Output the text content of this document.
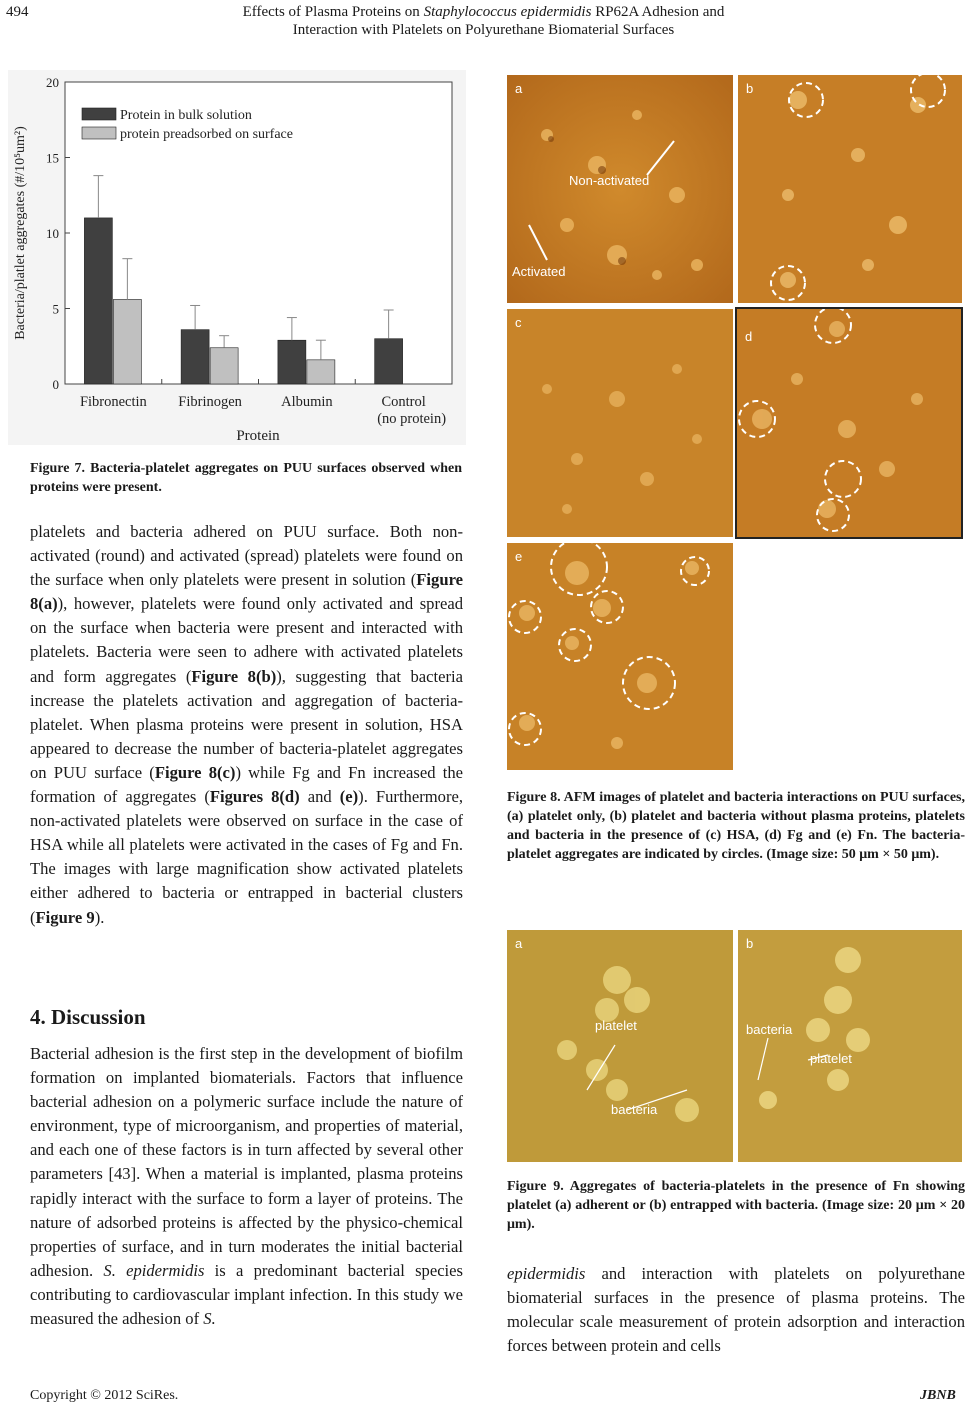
Effects of Plasma Proteins on Staphylococcus epidermidis RP62A Adhesion and
Interaction with Platelets on Polyurethane Biomaterial Surfaces
494
0
5
10
15
20
Fibronectin Fibrinogen	Albumin	Control
(no protein)
Protein in bulk solution
protein preadsorbed on surface
Bacteria/platlet aggregates (#/10⁵um²)
Protein
Figure 7. Bacteria-platelet aggregates on PUU surfaces observed when proteins were present.
platelets and bacteria adhered on PUU surface. Both non-activated (round) and activated (spread) platelets were found on the surface when only platelets were present in solution (Figure 8(a)), however, platelets were found only activated and spread on the surface when bacteria were present and interacted with platelets. Bacteria were seen to adhere with activated platelets and form aggregates (Figure 8(b)), suggesting that bacteria increase the platelets activation and aggregation of bacteria-platelet. When plasma proteins were present in solution, HSA appeared to decrease the number of bacteria-platelet aggregates on PUU surface (Figure 8(c)) while Fg and Fn increased the formation of aggregates (Figures 8(d) and (e)). Furthermore, non-activated platelets were observed on surface in the case of HSA while all platelets were activated in the cases of Fg and Fn. The images with large magnification show activated platelets either adhered to bacteria or entrapped in bacterial clusters (Figure 9).
4. Discussion
Bacterial adhesion is the first step in the development of biofilm formation on implanted biomaterials. Factors that influence bacterial adhesion on a polymeric surface include the nature of environment, type of microorganism, and properties of material, and each one of these factors is in turn affected by several other parameters [43]. When a material is implanted, plasma proteins rapidly interact with the surface to form a layer of proteins. The nature of adsorbed proteins is affected by the physico-chemical properties of surface, and in turn moderates the initial bacterial adhesion. S. epidermidis is a predominant bacterial species contributing to cardiovascular implant infection. In this study we measured the adhesion of S.
a
Non-activated
Activated
b
c
d
e
Figure 8. AFM images of platelet and bacteria interactions on PUU surfaces, (a) platelet only, (b) platelet and bacteria without plasma proteins, platelets and bacteria in the presence of (c) HSA, (d) Fg and (e) Fn. The bacteria-platelet aggregates are indicated by circles. (Image size: 50 μm × 50 μm).
a
platelet
bacteria
b
bacteria
platelet
Figure 9. Aggregates of bacteria-platelets in the presence of Fn showing platelet (a) adherent or (b) entrapped with bacteria. (Image size: 20 μm × 20 μm).
epidermidis and interaction with platelets on polyurethane biomaterial surfaces in the presence of plasma proteins. The molecular scale measurement of protein adsorption and interaction forces between protein and cells
Copyright © 2012 SciRes.	JBNB
